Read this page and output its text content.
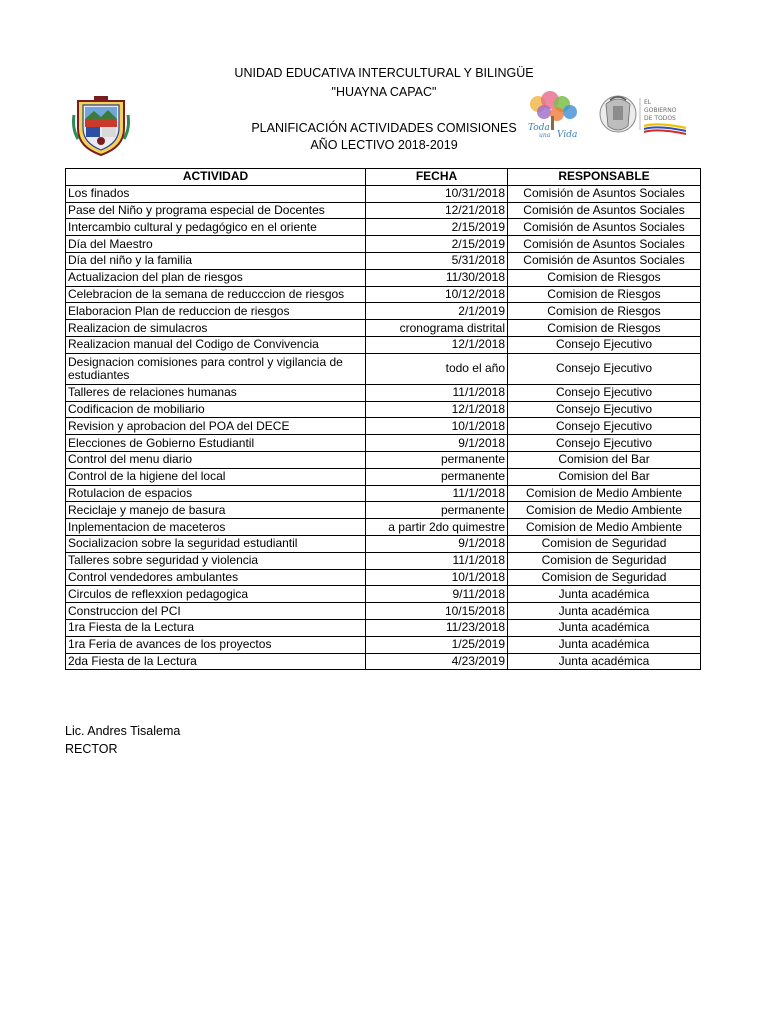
UNIDAD EDUCATIVA INTERCULTURAL Y BILINGÜE
"HUAYNA CAPAC"
PLANIFICACIÓN ACTIVIDADES COMISIONES
AÑO LECTIVO 2018-2019
Toda
una Vida
EL
GOBIERNO
DE TODOS
ACTIVIDAD	FECHA	RESPONSABLE
Los finados	10/31/2018	Comisión de Asuntos Sociales
Pase del Niño y programa especial de Docentes	12/21/2018	Comisión de Asuntos Sociales
Intercambio cultural y pedagógico en el oriente	2/15/2019	Comisión de Asuntos Sociales
Día del Maestro	2/15/2019	Comisión de Asuntos Sociales
Día del niño y la familia	5/31/2018	Comisión de Asuntos Sociales
Actualizacion del plan de riesgos	11/30/2018	Comision de Riesgos
Celebracion de la semana de reducccion de riesgos	10/12/2018	Comision de Riesgos
Elaboracion Plan de reduccion de riesgos	2/1/2019	Comision de Riesgos
Realizacion de simulacros	cronograma distrital	Comision de Riesgos
Realizacion manual del Codigo de Convivencia	12/1/2018	Consejo Ejecutivo
Designacion comisiones para control y vigilancia de estudiantes	todo el año	Consejo Ejecutivo
Talleres de relaciones humanas	11/1/2018	Consejo Ejecutivo
Codificacion de mobiliario	12/1/2018	Consejo Ejecutivo
Revision y aprobacion del POA del DECE	10/1/2018	Consejo Ejecutivo
Elecciones de Gobierno Estudiantil	9/1/2018	Consejo Ejecutivo
Control del menu diario	permanente	Comision del Bar
Control de la higiene del local	permanente	Comision del Bar
Rotulacion de espacios	11/1/2018	Comision de Medio Ambiente
Reciclaje y manejo de basura	permanente	Comision de Medio Ambiente
Inplementacion de maceteros	a partir 2do quimestre	Comision de Medio Ambiente
Socializacion sobre la seguridad estudiantil	9/1/2018	Comision de Seguridad
Talleres sobre seguridad y violencia	11/1/2018	Comision de Seguridad
Control vendedores ambulantes	10/1/2018	Comision de Seguridad
Circulos de reflexxion pedagogica	9/11/2018	Junta académica
Construccion del PCI	10/15/2018	Junta académica
1ra Fiesta de la Lectura	11/23/2018	Junta académica
1ra Feria de avances de los proyectos	1/25/2019	Junta académica
2da Fiesta de la Lectura	4/23/2019	Junta académica
Lic. Andres Tisalema
RECTOR
